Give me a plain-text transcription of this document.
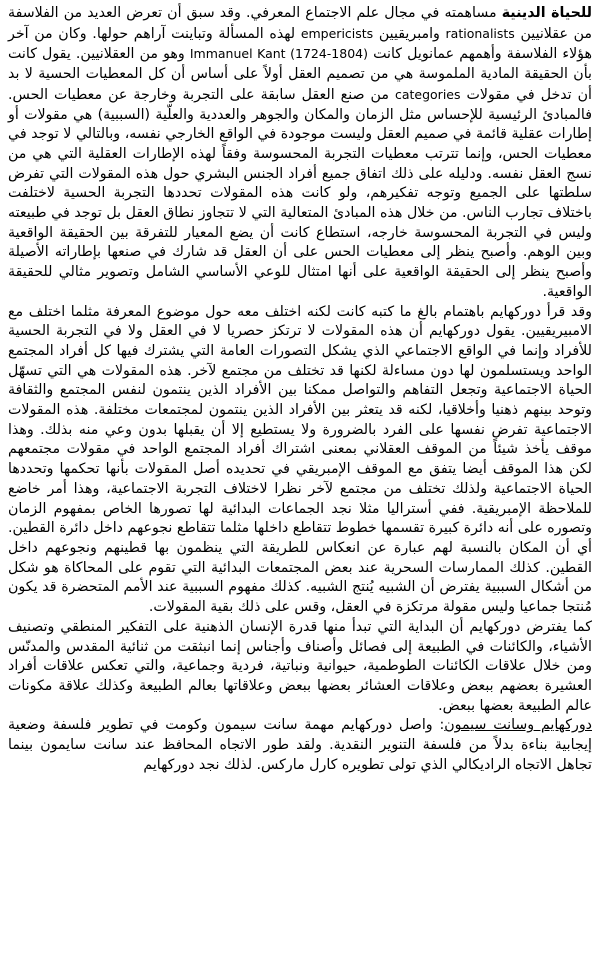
للحياة الدينية مساهمته في مجال علم الاجتماع المعرفي. وقد سبق أن تعرض العديد من الفلاسفة من عقلانيين rationalists وامبريقيين empericists لهذه المسألة وتباينت آراهم حولها. وكان من آخر هؤلاء الفلاسفة وأهمهم عمانويل كانت Immanuel Kant (1724-1804) وهو من العقلانيين. يقول كانت بأن الحقيقة المادية الملموسة هي من تصميم العقل أولاً على أساس أن كل المعطيات الحسية لا بد أن تدخل في مقولات categories من صنع العقل سابقة على التجربة وخارجة عن معطيات الحس. فالمبادئ الرئيسية للإحساس مثل الزمان والمكان والجوهر والعددية والعلّية (السببية) هي مقولات أو إطارات عقلية قائمة في صميم العقل وليست موجودة في الواقع الخارجي نفسه، وبالتالي لا توجد في معطيات الحس، وإنما تترتب معطيات التجربة المحسوسة وفقاً لهذه الإطارات العقلية التي هي من نسج العقل نفسه. ودليله على ذلك اتفاق جميع أفراد الجنس البشري حول هذه المقولات التي تفرض سلطتها على الجميع وتوجه تفكيرهم، ولو كانت هذه المقولات تحددها التجربة الحسية لاختلفت باختلاف تجارب الناس. من خلال هذه المبادئ المتعالية التي لا تتجاوز نطاق العقل بل توجد في طبيعته وليس في التجربة المحسوسة خارجه، استطاع كانت أن يضع المعيار للتفرقة بين الحقيقة الواقعية وبين الوهم. وأصبح ينظر إلى معطيات الحس على أن العقل قد شارك في صنعها بإطاراته الأصيلة وأصبح ينظر إلى الحقيقة الواقعية على أنها امتثال للوعي الأساسي الشامل وتصوير مثالي للحقيقة الواقعية.

وقد قرأ دوركهايم باهتمام بالغ ما كتبه كانت لكنه اختلف معه حول موضوع المعرفة مثلما اختلف مع الامبيريقيين. يقول دوركهايم أن هذه المقولات لا ترتكز حصريا لا في العقل ولا في التجربة الحسية للأفراد وإنما في الواقع الاجتماعي الذي يشكل التصورات العامة التي يشترك فيها كل أفراد المجتمع الواحد ويستسلمون لها دون مساءلة لكنها قد تختلف من مجتمع لآخر. هذه المقولات هي التي تسهّل الحياة الاجتماعية وتجعل التفاهم والتواصل ممكنا بين الأفراد الذين ينتمون لنفس المجتمع والثقافة وتوحد بينهم ذهنيا وأخلاقيا، لكنه قد يتعثر بين الأفراد الذين ينتمون لمجتمعات مختلفة. هذه المقولات الاجتماعية تفرض نفسها على الفرد بالضرورة ولا يستطيع إلا أن يقبلها بدون وعي منه بذلك. وهذا موقف يأخذ شيئاً من الموقف العقلاني بمعنى اشتراك أفراد المجتمع الواحد في مقولات مجتمعهم لكن هذا الموقف أيضا يتفق مع الموقف الإمبريقي في تحديده أصل المقولات بأنها تحكمها وتحددها الحياة الاجتماعية ولذلك تختلف من مجتمع لآخر نظرا لاختلاف التجربة الاجتماعية، وهذا أمر خاضع للملاحظة الإمبريقية. ففي أستراليا مثلا نجد الجماعات البدائية لها تصورها الخاص بمفهوم الزمان وتصوره على أنه دائرة كبيرة تقسمها خطوط تتقاطع داخلها مثلما تتقاطع نجوعهم داخل دائرة القطين. أي أن المكان بالنسبة لهم عبارة عن انعكاس للطريقة التي ينظمون بها قطينهم ونجوعهم داخل القطين. كذلك الممارسات السحرية عند بعض المجتمعات البدائية التي تقوم على المحاكاة هو شكل من أشكال السببية يفترض أن الشبيه يُنتج الشبيه. كذلك مفهوم السببية عند الأمم المتحضرة قد يكون مُنتجا جماعيا وليس مقولة مرتكزة في العقل، وقس على ذلك بقية المقولات.

كما يفترض دوركهايم أن البداية التي تبدأ منها قدرة الإنسان الذهنية على التفكير المنطقي وتصنيف الأشياء، والكائنات في الطبيعة إلى فصائل وأصناف وأجناس إنما انبثقت من ثنائية المقدس والمدنّس ومن خلال علاقات الكائنات الطوطمية، حيوانية ونباتية، فردية وجماعية، والتي تعكس علاقات أفراد العشيرة بعضهم ببعض وعلاقات العشائر بعضها ببعض وعلاقاتها بعالم الطبيعة وكذلك علاقة مكونات عالم الطبيعة بعضها ببعض.

دوركهايم وسانت سيمون: واصل دوركهايم مهمة سانت سيمون وكومت في تطوير فلسفة وضعية إيجابية بناءة بدلاً من فلسفة التنوير النقدية. ولقد طور الاتجاه المحافظ عند سانت سايمون بينما تجاهل الاتجاه الراديكالي الذي تولى تطويره كارل ماركس. لذلك نجد دوركهايم
